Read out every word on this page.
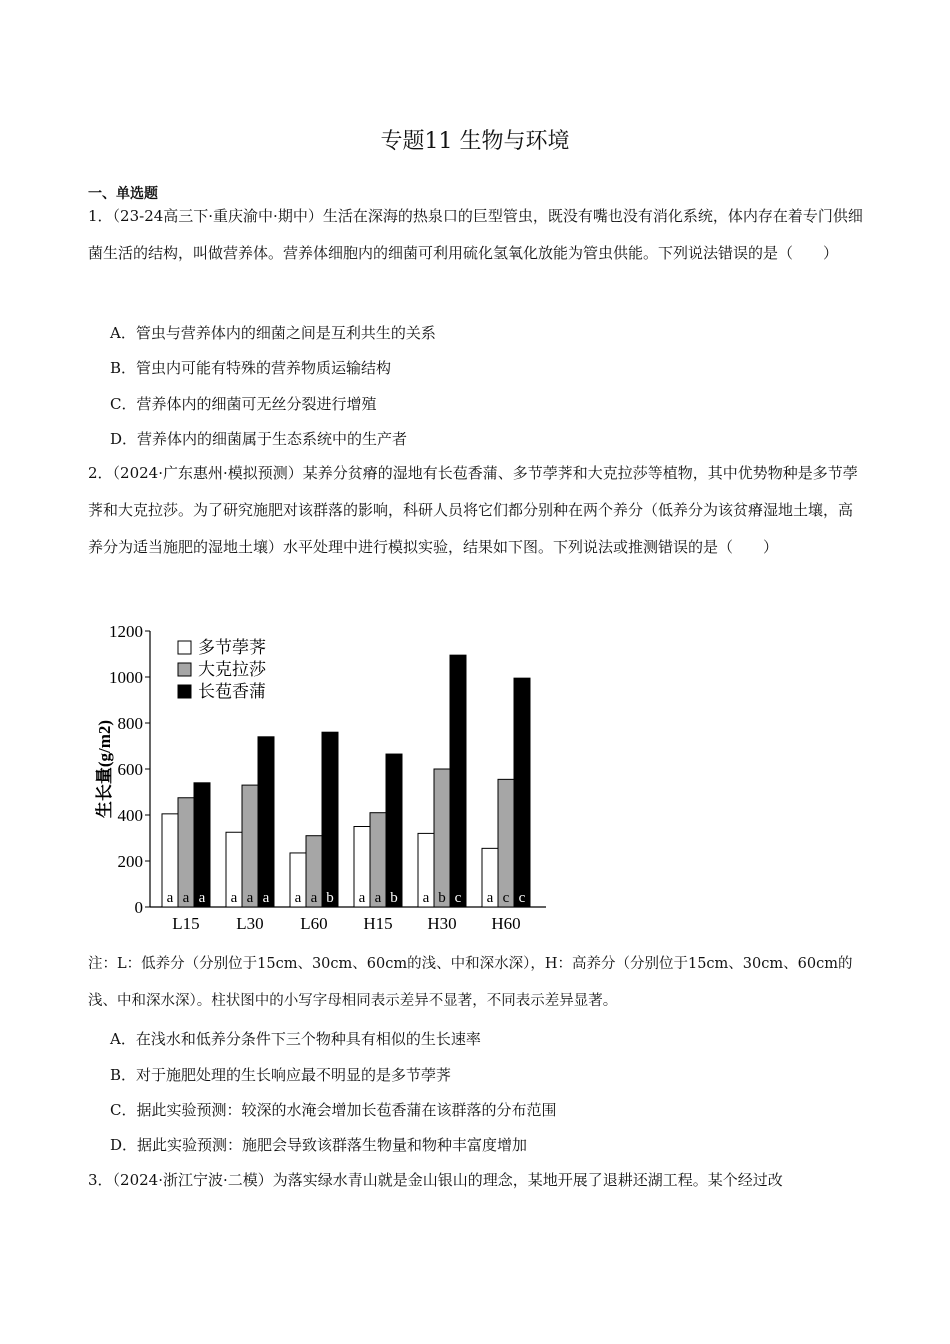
专题11 生物与环境
一、单选题
1．（23-24高三下·重庆渝中·期中）生活在深海的热泉口的巨型管虫，既没有嘴也没有消化系统，体内存在着专门供细菌生活的结构，叫做营养体。营养体细胞内的细菌可利用硫化氢氧化放能为管虫供能。下列说法错误的是（　　）
A．管虫与营养体内的细菌之间是互利共生的关系
B．管虫内可能有特殊的营养物质运输结构
C．营养体内的细菌可无丝分裂进行增殖
D．营养体内的细菌属于生态系统中的生产者
2．（2024·广东惠州·模拟预测）某养分贫瘠的湿地有长苞香蒲、多节荸荠和大克拉莎等植物，其中优势物种是多节荸荠和大克拉莎。为了研究施肥对该群落的影响，科研人员将它们都分别种在两个养分（低养分为该贫瘠湿地土壤，高养分为适当施肥的湿地土壤）水平处理中进行模拟实验，结果如下图。下列说法或推测错误的是（　　）
0
200
400
600
800
1000
1200
生长量(g/m2)
a a a
L15
a a a
L30
a a b
L60
a a b
H15
a b c
H30
a c c
H60
多节荸荠
大克拉莎
长苞香蒲
注：L：低养分（分别位于15cm、30cm、60cm的浅、中和深水深），H：高养分（分别位于15cm、30cm、60cm的浅、中和深水深）。柱状图中的小写字母相同表示差异不显著，不同表示差异显著。
A．在浅水和低养分条件下三个物种具有相似的生长速率
B．对于施肥处理的生长响应最不明显的是多节荸荠
C．据此实验预测：较深的水淹会增加长苞香蒲在该群落的分布范围
D．据此实验预测：施肥会导致该群落生物量和物种丰富度增加
3．（2024·浙江宁波·二模）为落实绿水青山就是金山银山的理念，某地开展了退耕还湖工程。某个经过改
